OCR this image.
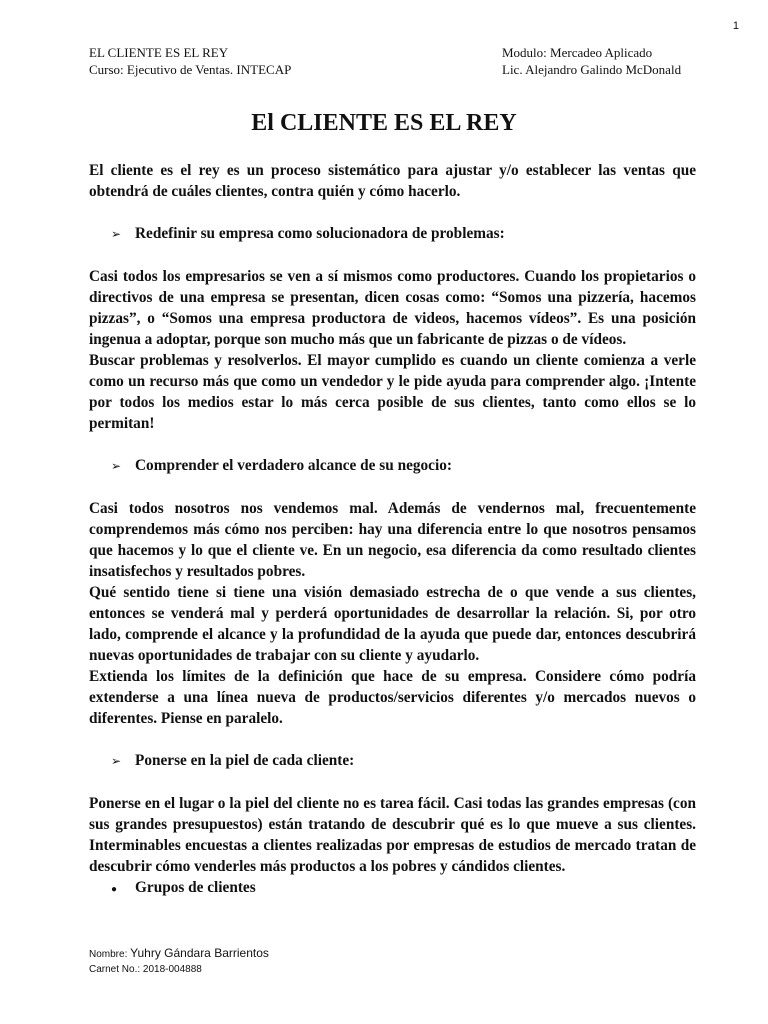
1
EL CLIENTE ES EL REY
Curso: Ejecutivo de Ventas. INTECAP
Modulo: Mercadeo Aplicado
Lic. Alejandro Galindo McDonald
El CLIENTE ES EL REY

El cliente es el rey es un proceso sistemático para ajustar y/o establecer las ventas que obtendrá de cuáles clientes, contra quién y cómo hacerlo.

➢ Redefinir su empresa como solucionadora de problemas:

Casi todos los empresarios se ven a sí mismos como productores. Cuando los propietarios o directivos de una empresa se presentan, dicen cosas como: “Somos una pizzería, hacemos pizzas”, o “Somos una empresa productora de videos, hacemos vídeos”. Es una posición ingenua a adoptar, porque son mucho más que un fabricante de pizzas o de vídeos.

Buscar problemas y resolverlos. El mayor cumplido es cuando un cliente comienza a verle como un recurso más que como un vendedor y le pide ayuda para comprender algo. ¡Intente por todos los medios estar lo más cerca posible de sus clientes, tanto como ellos se lo permitan!

➢ Comprender el verdadero alcance de su negocio:

Casi todos nosotros nos vendemos mal. Además de vendernos mal, frecuentemente comprendemos más cómo nos perciben: hay una diferencia entre lo que nosotros pensamos que hacemos y lo que el cliente ve. En un negocio, esa diferencia da como resultado clientes insatisfechos y resultados pobres.

Qué sentido tiene si tiene una visión demasiado estrecha de o que vende a sus clientes, entonces se venderá mal y perderá oportunidades de desarrollar la relación. Si, por otro lado, comprende el alcance y la profundidad de la ayuda que puede dar, entonces descubrirá nuevas oportunidades de trabajar con su cliente y ayudarlo.

Extienda los límites de la definición que hace de su empresa. Considere cómo podría extenderse a una línea nueva de productos/servicios diferentes y/o mercados nuevos o diferentes. Piense en paralelo.

➢ Ponerse en la piel de cada cliente:

Ponerse en el lugar o la piel del cliente no es tarea fácil. Casi todas las grandes empresas (con sus grandes presupuestos) están tratando de descubrir qué es lo que mueve a sus clientes. Interminables encuestas a clientes realizadas por empresas de estudios de mercado tratan de descubrir cómo venderles más productos a los pobres y cándidos clientes.

●	Grupos de clientes
Nombre: Yuhry Gándara Barrientos
Carnet No.: 2018-004888
